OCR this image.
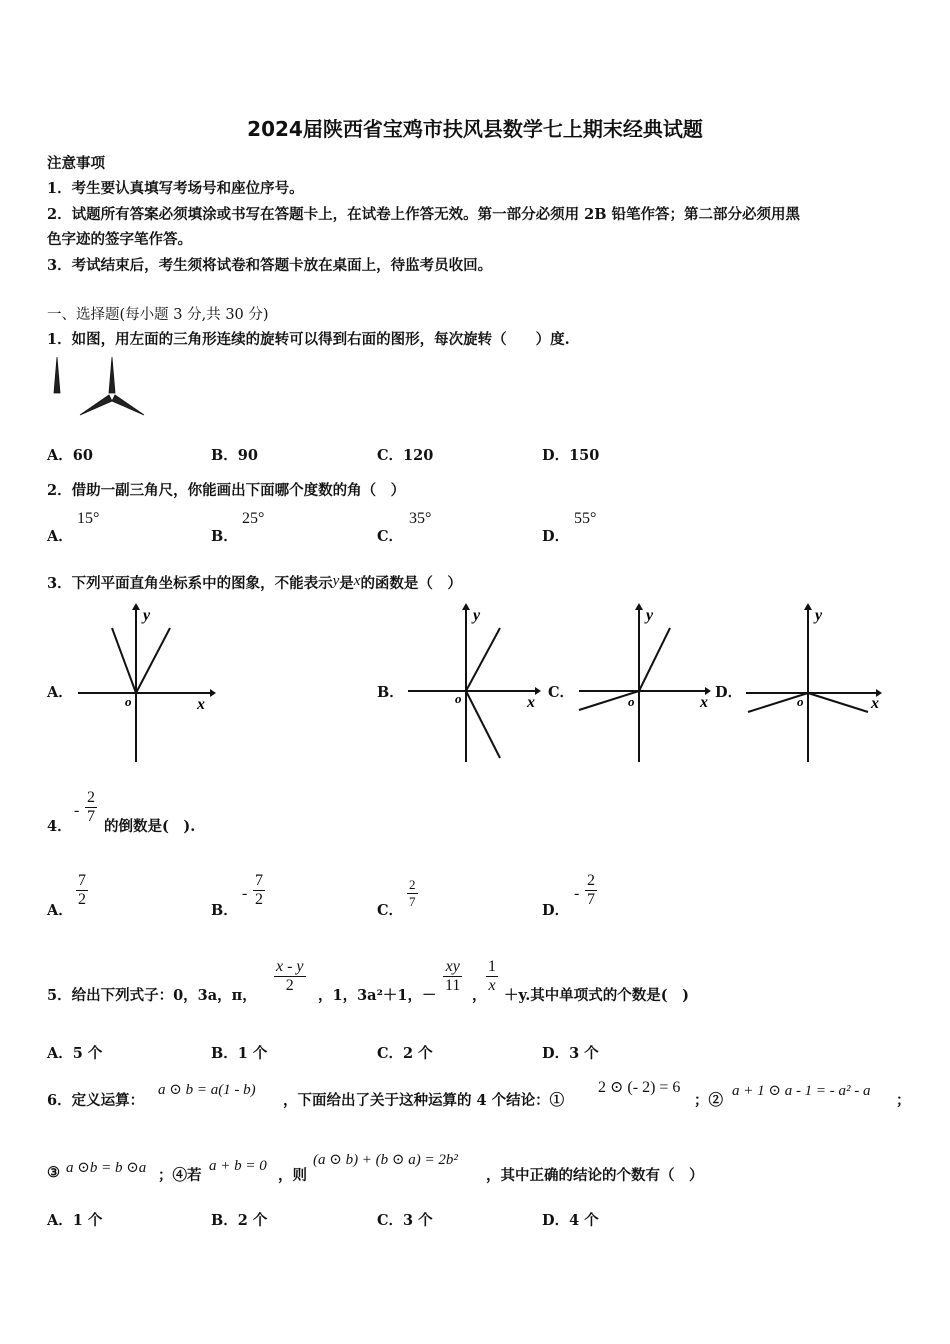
2024届陕西省宝鸡市扶风县数学七上期末经典试题
注意事项
1．考生要认真填写考场号和座位序号。
2．试题所有答案必须填涂或书写在答题卡上，在试卷上作答无效。第一部分必须用 2B 铅笔作答；第二部分必须用黑
色字迹的签字笔作答。
3．考试结束后，考生须将试卷和答题卡放在桌面上，待监考员收回。
一、选择题(每小题 3 分,共 30 分)
1．如图，用左面的三角形连续的旋转可以得到右面的图形，每次旋转（　　）度.
A．60	B．90	C．120	D．150
2．借助一副三角尺，你能画出下面哪个度数的角（　）
A．
15°
B．
25°
C．
35°
D．
55°
3．下列平面直角坐标系中的图象，不能表示y是x的函数是（　）
A．
y
x
o
B．
y
x
o	C．
y
x
o
D．
y
x
o
4．
- $\frac{2}{7}$
的倒数是(　).
A．
$\frac{7}{2}$
B．
- $\frac{7}{2}$
C．
$\frac{2}{7}$
D．
- $\frac{2}{7}$
5．给出下列式子：0，3a，π，
$\frac{x - y}{2}$
，1，3a²＋1，－
$\frac{xy}{11}$
，
$\frac{1}{x}$
＋y.其中单项式的个数是(　)
A．5 个	B．1 个	C．2 个	D．3 个
6．定义运算：
a ⊙ b = a(1 - b)
，下面给出了关于这种运算的 4 个结论：①
2 ⊙ (- 2) = 6
；②
a + 1 ⊙ a - 1 = - a² - a
；
③ a ⊙b = b ⊙a ；④若
a + b = 0
，则
(a ⊙ b) + (b ⊙ a) = 2b²
，其中正确的结论的个数有（　）
A．1 个	B．2 个	C．3 个	D．4 个
